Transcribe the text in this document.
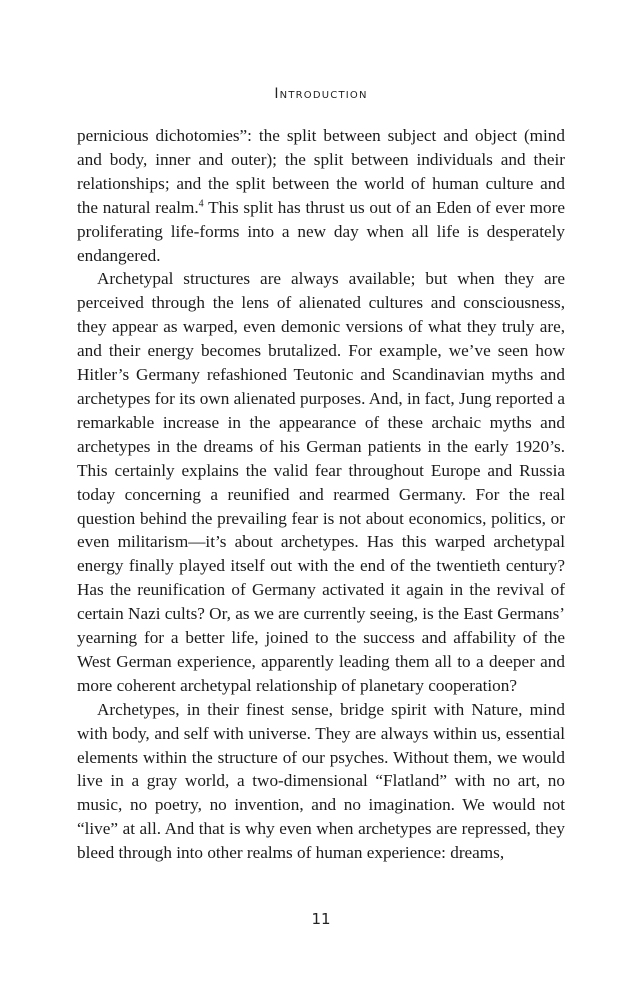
Introduction

pernicious dichotomies”: the split between subject and object (mind and body, inner and outer); the split between individuals and their relationships; and the split between the world of human culture and the natural realm.$^4$ This split has thrust us out of an Eden of ever more proliferating life-forms into a new day when all life is desperately endangered.

Archetypal structures are always available; but when they are perceived through the lens of alienated cultures and consciousness, they appear as warped, even demonic versions of what they truly are, and their energy becomes brutalized. For example, we’ve seen how Hitler’s Germany refashioned Teutonic and Scandinavian myths and archetypes for its own alienated purposes. And, in fact, Jung reported a remarkable increase in the appearance of these archaic myths and archetypes in the dreams of his German patients in the early 1920’s. This certainly explains the valid fear throughout Europe and Russia today concerning a reunified and rearmed Germany. For the real question behind the prevailing fear is not about economics, politics, or even militarism—it’s about archetypes. Has this warped archetypal energy finally played itself out with the end of the twentieth century? Has the reunification of Germany activated it again in the revival of certain Nazi cults? Or, as we are currently seeing, is the East Germans’ yearning for a better life, joined to the success and affability of the West German experience, apparently leading them all to a deeper and more coherent archetypal relationship of planetary cooperation?

Archetypes, in their finest sense, bridge spirit with Nature, mind with body, and self with universe. They are always within us, essential elements within the structure of our psyches. Without them, we would live in a gray world, a two-dimensional “Flatland” with no art, no music, no poetry, no invention, and no imagination. We would not “live” at all. And that is why even when archetypes are repressed, they bleed through into other realms of human experience: dreams,

11
